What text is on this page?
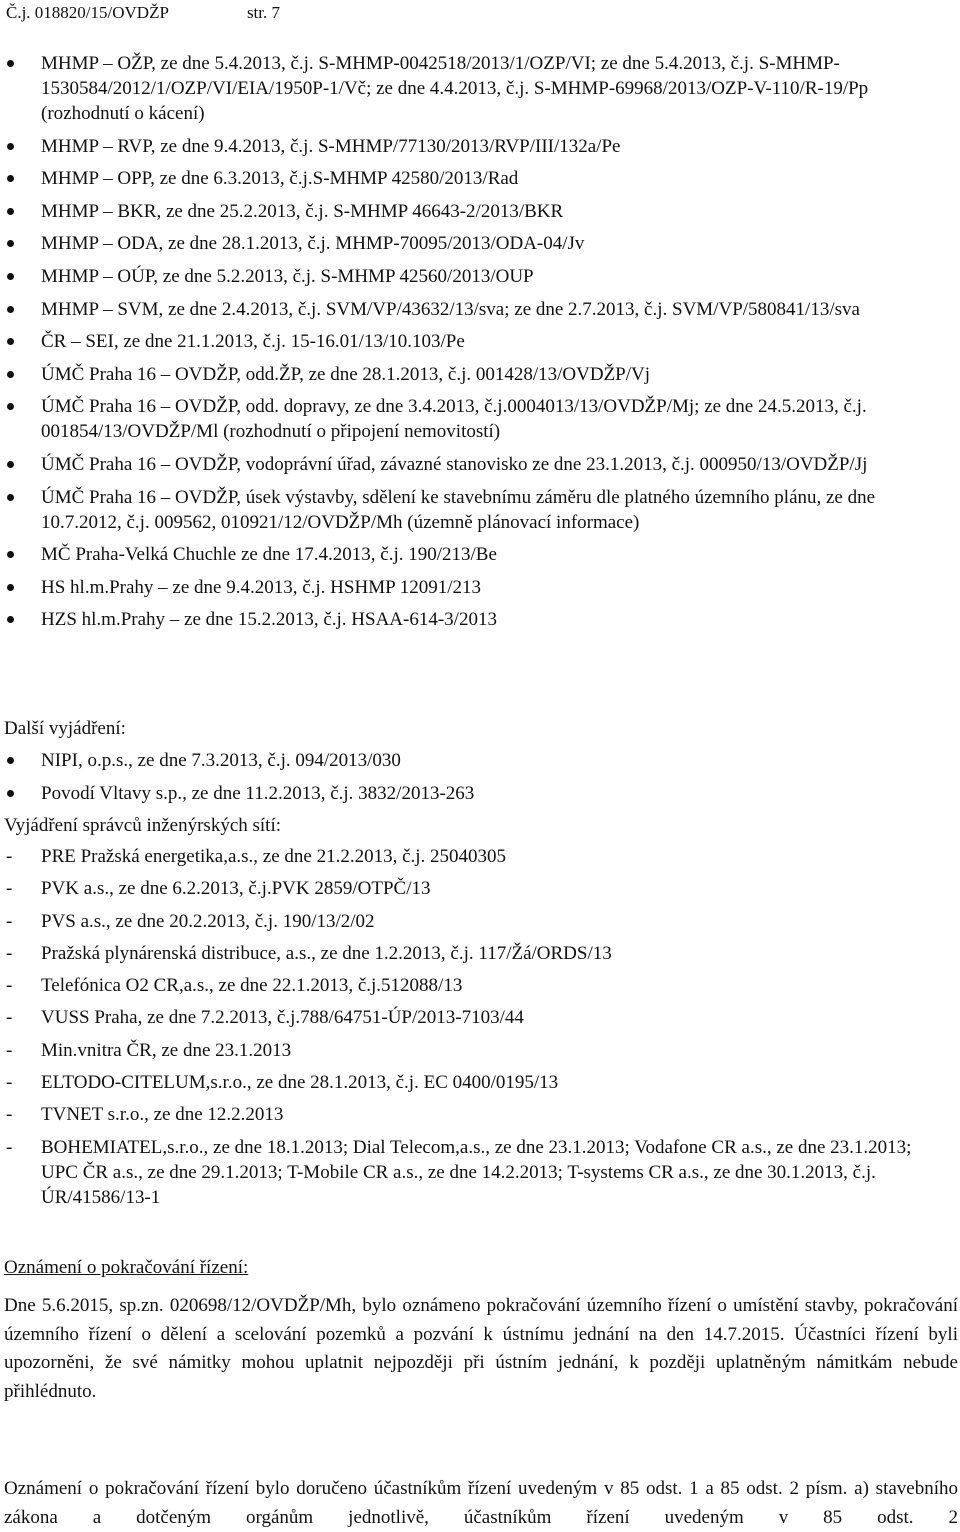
Č.j. 018820/15/OVDŽP	str. 7
MHMP – OŽP, ze dne 5.4.2013, č.j. S-MHMP-0042518/2013/1/OZP/VI; ze dne 5.4.2013, č.j. S-MHMP-1530584/2012/1/OZP/VI/EIA/1950P-1/Vč; ze dne 4.4.2013, č.j. S-MHMP-69968/2013/OZP-V-110/R-19/Pp (rozhodnutí o kácení)
MHMP – RVP, ze dne 9.4.2013, č.j. S-MHMP/77130/2013/RVP/III/132a/Pe
MHMP – OPP, ze dne 6.3.2013, č.j.S-MHMP 42580/2013/Rad
MHMP – BKR, ze dne 25.2.2013, č.j. S-MHMP 46643-2/2013/BKR
MHMP – ODA, ze dne 28.1.2013, č.j. MHMP-70095/2013/ODA-04/Jv
MHMP – OÚP, ze dne 5.2.2013, č.j. S-MHMP 42560/2013/OUP
MHMP – SVM, ze dne 2.4.2013, č.j. SVM/VP/43632/13/sva; ze dne 2.7.2013, č.j. SVM/VP/580841/13/sva
ČR – SEI, ze dne 21.1.2013, č.j. 15-16.01/13/10.103/Pe
ÚMČ Praha 16 – OVDŽP, odd.ŽP, ze dne 28.1.2013, č.j. 001428/13/OVDŽP/Vj
ÚMČ Praha 16 – OVDŽP, odd. dopravy, ze dne 3.4.2013, č.j.0004013/13/OVDŽP/Mj; ze dne 24.5.2013, č.j. 001854/13/OVDŽP/Ml (rozhodnutí o připojení nemovitostí)
ÚMČ Praha 16 – OVDŽP, vodoprávní úřad, závazné stanovisko ze dne 23.1.2013, č.j. 000950/13/OVDŽP/Jj
ÚMČ Praha 16 – OVDŽP, úsek výstavby, sdělení ke stavebnímu záměru dle platného územního plánu, ze dne 10.7.2012, č.j. 009562, 010921/12/OVDŽP/Mh (územně plánovací informace)
MČ Praha-Velká Chuchle ze dne 17.4.2013, č.j. 190/213/Be
HS hl.m.Prahy – ze dne 9.4.2013, č.j. HSHMP 12091/213
HZS hl.m.Prahy – ze dne 15.2.2013, č.j. HSAA-614-3/2013
Další vyjádření:
NIPI, o.p.s., ze dne 7.3.2013, č.j. 094/2013/030
Povodí Vltavy s.p., ze dne 11.2.2013, č.j. 3832/2013-263
Vyjádření správců inženýrských sítí:
- PRE Pražská energetika,a.s., ze dne 21.2.2013, č.j. 25040305
- PVK a.s., ze dne 6.2.2013, č.j.PVK 2859/OTPČ/13
- PVS a.s., ze dne 20.2.2013, č.j. 190/13/2/02
- Pražská plynárenská distribuce, a.s., ze dne 1.2.2013, č.j. 117/Žá/ORDS/13
- Telefónica O2 CR,a.s., ze dne 22.1.2013, č.j.512088/13
- VUSS Praha, ze dne 7.2.2013, č.j.788/64751-ÚP/2013-7103/44
- Min.vnitra ČR, ze dne 23.1.2013
- ELTODO-CITELUM,s.r.o., ze dne 28.1.2013, č.j. EC 0400/0195/13
- TVNET s.r.o., ze dne 12.2.2013
- BOHEMIATEL,s.r.o., ze dne 18.1.2013; Dial Telecom,a.s., ze dne 23.1.2013; Vodafone CR a.s., ze dne 23.1.2013; UPC ČR a.s., ze dne 29.1.2013; T-Mobile CR a.s., ze dne 14.2.2013; T-systems CR a.s., ze dne 30.1.2013, č.j. ÚR/41586/13-1
Oznámení o pokračování řízení:
Dne 5.6.2015, sp.zn. 020698/12/OVDŽP/Mh, bylo oznámeno pokračování územního řízení o umístění stavby, pokračování územního řízení o dělení a scelování pozemků a pozvání k ústnímu jednání na den 14.7.2015. Účastníci řízení byli upozorněni, že své námitky mohou uplatnit nejpozději při ústním jednání, k později uplatněným námitkám nebude přihlédnuto.
Oznámení o pokračování řízení bylo doručeno účastníkům řízení uvedeným v 85 odst. 1 a 85 odst. 2 písm. a) stavebního zákona a dotčeným orgánům jednotlivě, účastníkům řízení uvedeným v 85 odst. 2
